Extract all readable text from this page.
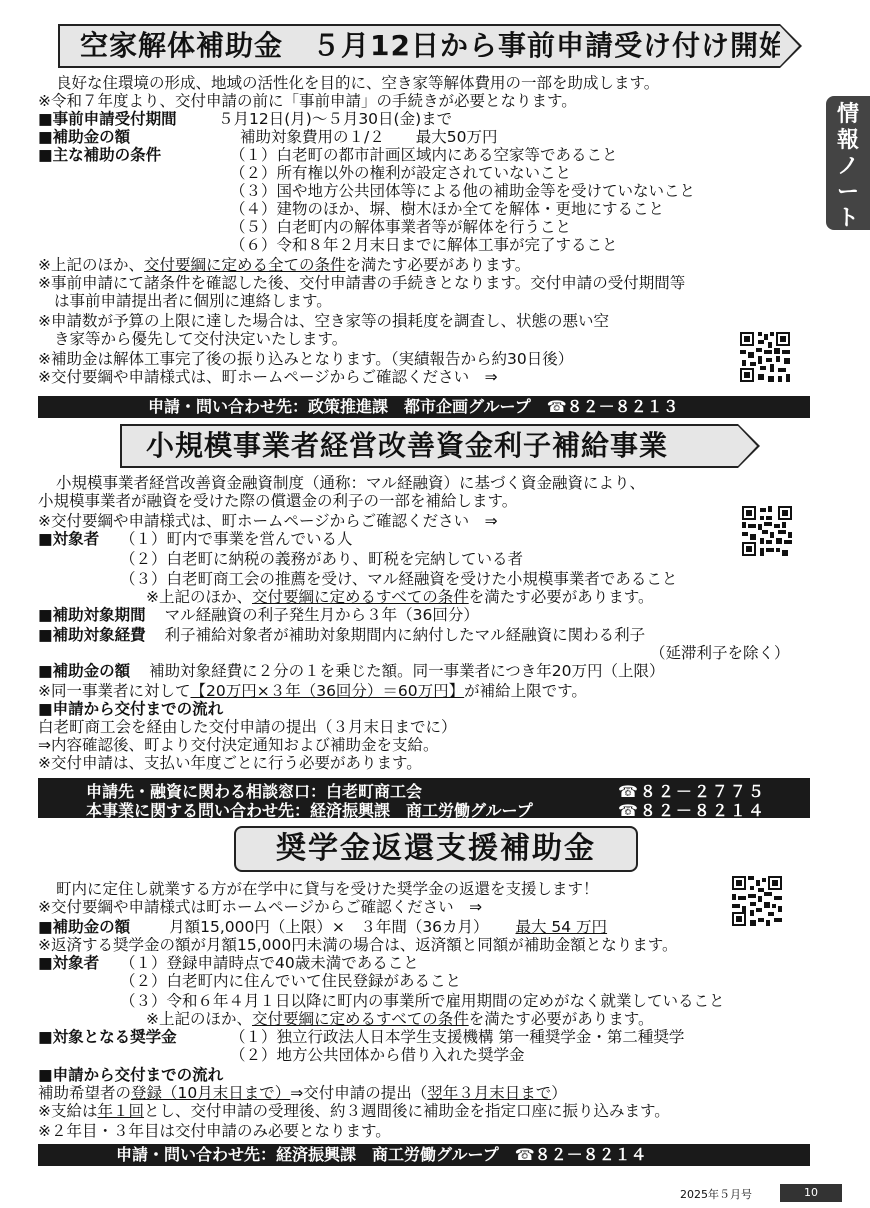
情
報
ノ
ー
ト
空家解体補助金　５月12日から事前申請受け付け開始
良好な住環境の形成、地域の活性化を目的に、空き家等解体費用の一部を助成します。
※令和７年度より、交付申請の前に「事前申請」の手続きが必要となります。
■事前申請受付期間	５月12日(月)～５月30日(金)まで
■補助金の額	補助対象費用の１/２　　最大50万円
■主な補助の条件	（１）白老町の都市計画区域内にある空家等であること
（２）所有権以外の権利が設定されていないこと
（３）国や地方公共団体等による他の補助金等を受けていないこと
（４）建物のほか、塀、樹木ほか全てを解体・更地にすること
（５）白老町内の解体事業者等が解体を行うこと
（６）令和８年２月末日までに解体工事が完了すること
※上記のほか、交付要綱に定める全ての条件を満たす必要があります。
※事前申請にて諸条件を確認した後、交付申請書の手続きとなります。交付申請の受付期間等
は事前申請提出者に個別に連絡します。
※申請数が予算の上限に達した場合は、空き家等の損耗度を調査し、状態の悪い空
き家等から優先して交付決定いたします。
※補助金は解体工事完了後の振り込みとなります。（実績報告から約30日後）
※交付要綱や申請様式は、町ホームページからご確認ください　⇒
申請・問い合わせ先：政策推進課　都市企画グループ　☎８２－８２１３
小規模事業者経営改善資金利子補給事業
小規模事業者経営改善資金融資制度（通称：マル経融資）に基づく資金融資により、
小規模事業者が融資を受けた際の償還金の利子の一部を補給します。
※交付要綱や申請様式は、町ホームページからご確認ください　⇒
■対象者 （１）町内で事業を営んでいる人
（２）白老町に納税の義務があり、町税を完納している者
（３）白老町商工会の推薦を受け、マル経融資を受けた小規模事業者であること
※上記のほか、交付要綱に定めるすべての条件を満たす必要があります。
■補助対象期間 マル経融資の利子発生月から３年（36回分）
■補助対象経費 利子補給対象者が補助対象期間内に納付したマル経融資に関わる利子
（延滞利子を除く）
■補助金の額 補助対象経費に２分の１を乗じた額。同一事業者につき年20万円（上限）
※同一事業者に対して【20万円×３年（36回分）＝60万円】が補給上限です。
■申請から交付までの流れ
白老町商工会を経由した交付申請の提出（３月末日までに）
⇒内容確認後、町より交付決定通知および補助金を支給。
※交付申請は、支払い年度ごとに行う必要があります。
申請先・融資に関わる相談窓口：白老町商工会	☎８２－２７７５
本事業に関する問い合わせ先：経済振興課　商工労働グループ	☎８２－８２１４
奨学金返還支援補助金
町内に定住し就業する方が在学中に貸与を受けた奨学金の返還を支援します！
※交付要綱や申請様式は町ホームページからご確認ください　⇒
■補助金の額	月額15,000円（上限）×　３年間（36カ月） 最大 54 万円
※返済する奨学金の額が月額15,000円未満の場合は、返済額と同額が補助金額となります。
■対象者 （１）登録申請時点で40歳未満であること
（２）白老町内に住んでいて住民登録があること
（３）令和６年４月１日以降に町内の事業所で雇用期間の定めがなく就業していること
※上記のほか、交付要綱に定めるすべての条件を満たす必要があります。
■対象となる奨学金	（１）独立行政法人日本学生支援機構 第一種奨学金・第二種奨学
（２）地方公共団体から借り入れた奨学金
■申請から交付までの流れ
補助希望者の登録（10月末日まで）⇒交付申請の提出（翌年３月末日まで）
※支給は年１回とし、交付申請の受理後、約３週間後に補助金を指定口座に振り込みます。
※２年目・３年目は交付申請のみ必要となります。
申請・問い合わせ先：経済振興課　商工労働グループ　☎８２－８２１４
2025年５月号	10
